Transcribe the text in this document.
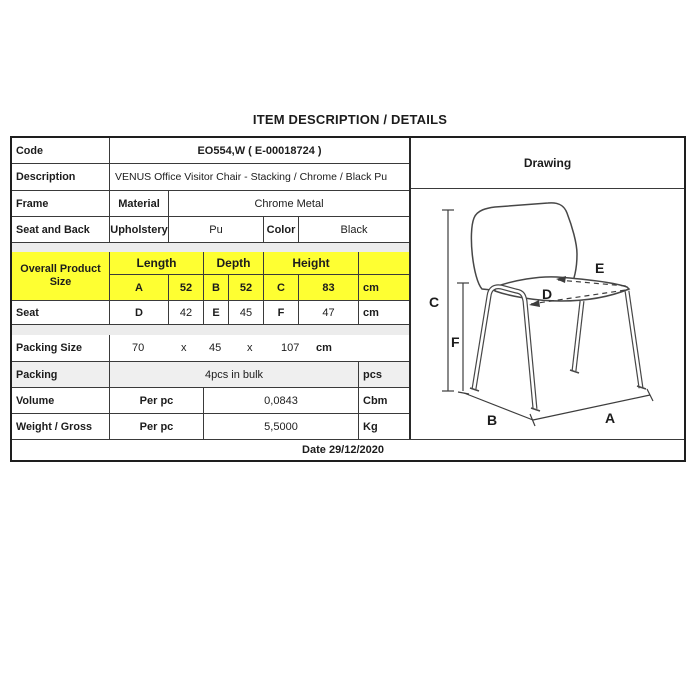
ITEM DESCRIPTION / DETAILS
Code	EO554,W ( E-00018724 )
Description	VENUS Office Visitor Chair - Stacking / Chrome / Black Pu
Frame	Material	Chrome Metal
Seat and Back	Upholstery	Pu	Color	Black
Overall Product Size
Length	Depth	Height
A	52	B	52	C	83	cm
Seat	D	42	E	45	F	47	cm
Packing Size	70	x 45 x	107 cm
Packing	4pcs in bulk	pcs
Volume	Per pc	0,0843	Cbm
Weight / Gross	Per pc	5,5000	Kg
Drawing
C
F
E
D
B	A
Date 29/12/2020
